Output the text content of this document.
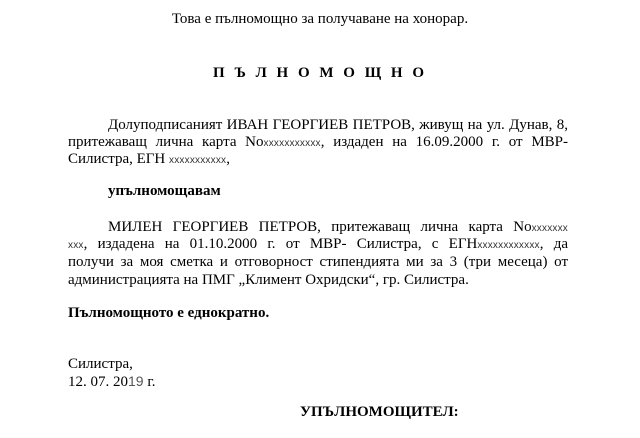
Това е пълномощно за получаване на хонорар.
П Ъ Л Н О М О Щ Н О
Долуподписаният ИВАН ГЕОРГИЕВ ПЕТРОВ, живущ на ул. Дунав, 8,
притежаващ лична карта Noxxxxxxxxxxx, издаден на 16.09.2000 г. от МВР-
Силистра, ЕГН xxxxxxxxxxx,
упълномощавам
МИЛЕН ГЕОРГИЕВ ПЕТРОВ, притежаващ лична карта Noxxxxxxx
xxx, издадена на 01.10.2000 г. от МВР- Силистра, с ЕГНxxxxxxxxxxxx, да
получи за моя сметка и отговорност стипендията ми за 3 (три месеца) от
администрацията на ПМГ „Климент Охридски“, гр. Силистра.
Пълномощното е еднократно.
Силистра,
12. 07. 2019 г.
УПЪЛНОМОЩИТЕЛ:
